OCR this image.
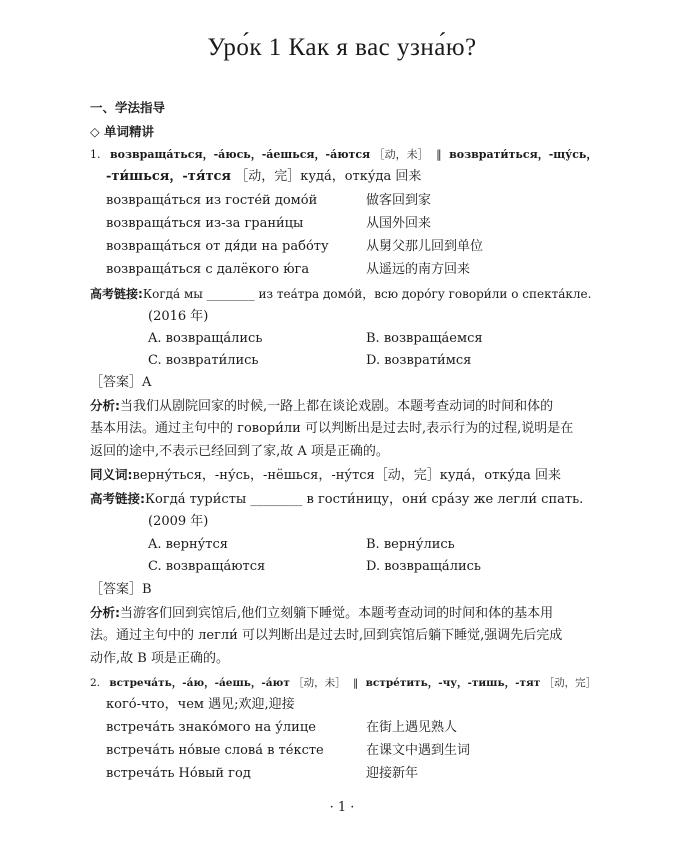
Уро́к 1 Как я вас узна́ю?
一、学法指导
◇ 单词精讲
1. возвраща́ться，-а́юсь，-а́ешься，-а́ются ［动，未］ ‖ возврати́ться，-щу́сь，
-ти́шься，-тя́тся ［动，完］куда́，отку́да 回来
возвраща́ться из госте́й домо́й	做客回到家
возвраща́ться из-за грани́цы	从国外回来
возвраща́ться от дя́ди на рабо́ту	从舅父那儿回到单位
возвраща́ться с далёкого ю́га	从遥远的南方回来
高考链接:Когда́ мы ________ из теа́тра домо́й，всю доро́гу говори́ли о спекта́кле.
(2016 年)
A. возвраща́лись	B. возвраща́емся
C. возврати́лись	D. возврати́мся
［答案］A
分析:当我们从剧院回家的时候,一路上都在谈论戏剧。本题考查动词的时间和体的
基本用法。通过主句中的 говори́ли 可以判断出是过去时,表示行为的过程,说明是在
返回的途中,不表示已经回到了家,故 A 项是正确的。
同义词:верну́ться，-ну́сь，-нёшься，-ну́тся［动，完］куда́，отку́да 回来
高考链接:Когда́ тури́сты ________ в гости́ницу，они́ сра́зу же легли́ спать.
(2009 年)
A. верну́тся	B. верну́лись
C. возвраща́ются	D. возвраща́лись
［答案］B
分析:当游客们回到宾馆后,他们立刻躺下睡觉。本题考查动词的时间和体的基本用
法。通过主句中的 легли́ 可以判断出是过去时,回到宾馆后躺下睡觉,强调先后完成
动作,故 B 项是正确的。
2. встреча́ть，-а́ю，-а́ешь，-а́ют ［动，未］ ‖ встре́тить，-чу，-тишь，-тят ［动，完］
кого́-что，чем 遇见;欢迎,迎接
встреча́ть знако́мого на у́лице	在街上遇见熟人
встреча́ть но́вые слова́ в те́ксте	在课文中遇到生词
встреча́ть Но́вый год	迎接新年
· 1 ·
